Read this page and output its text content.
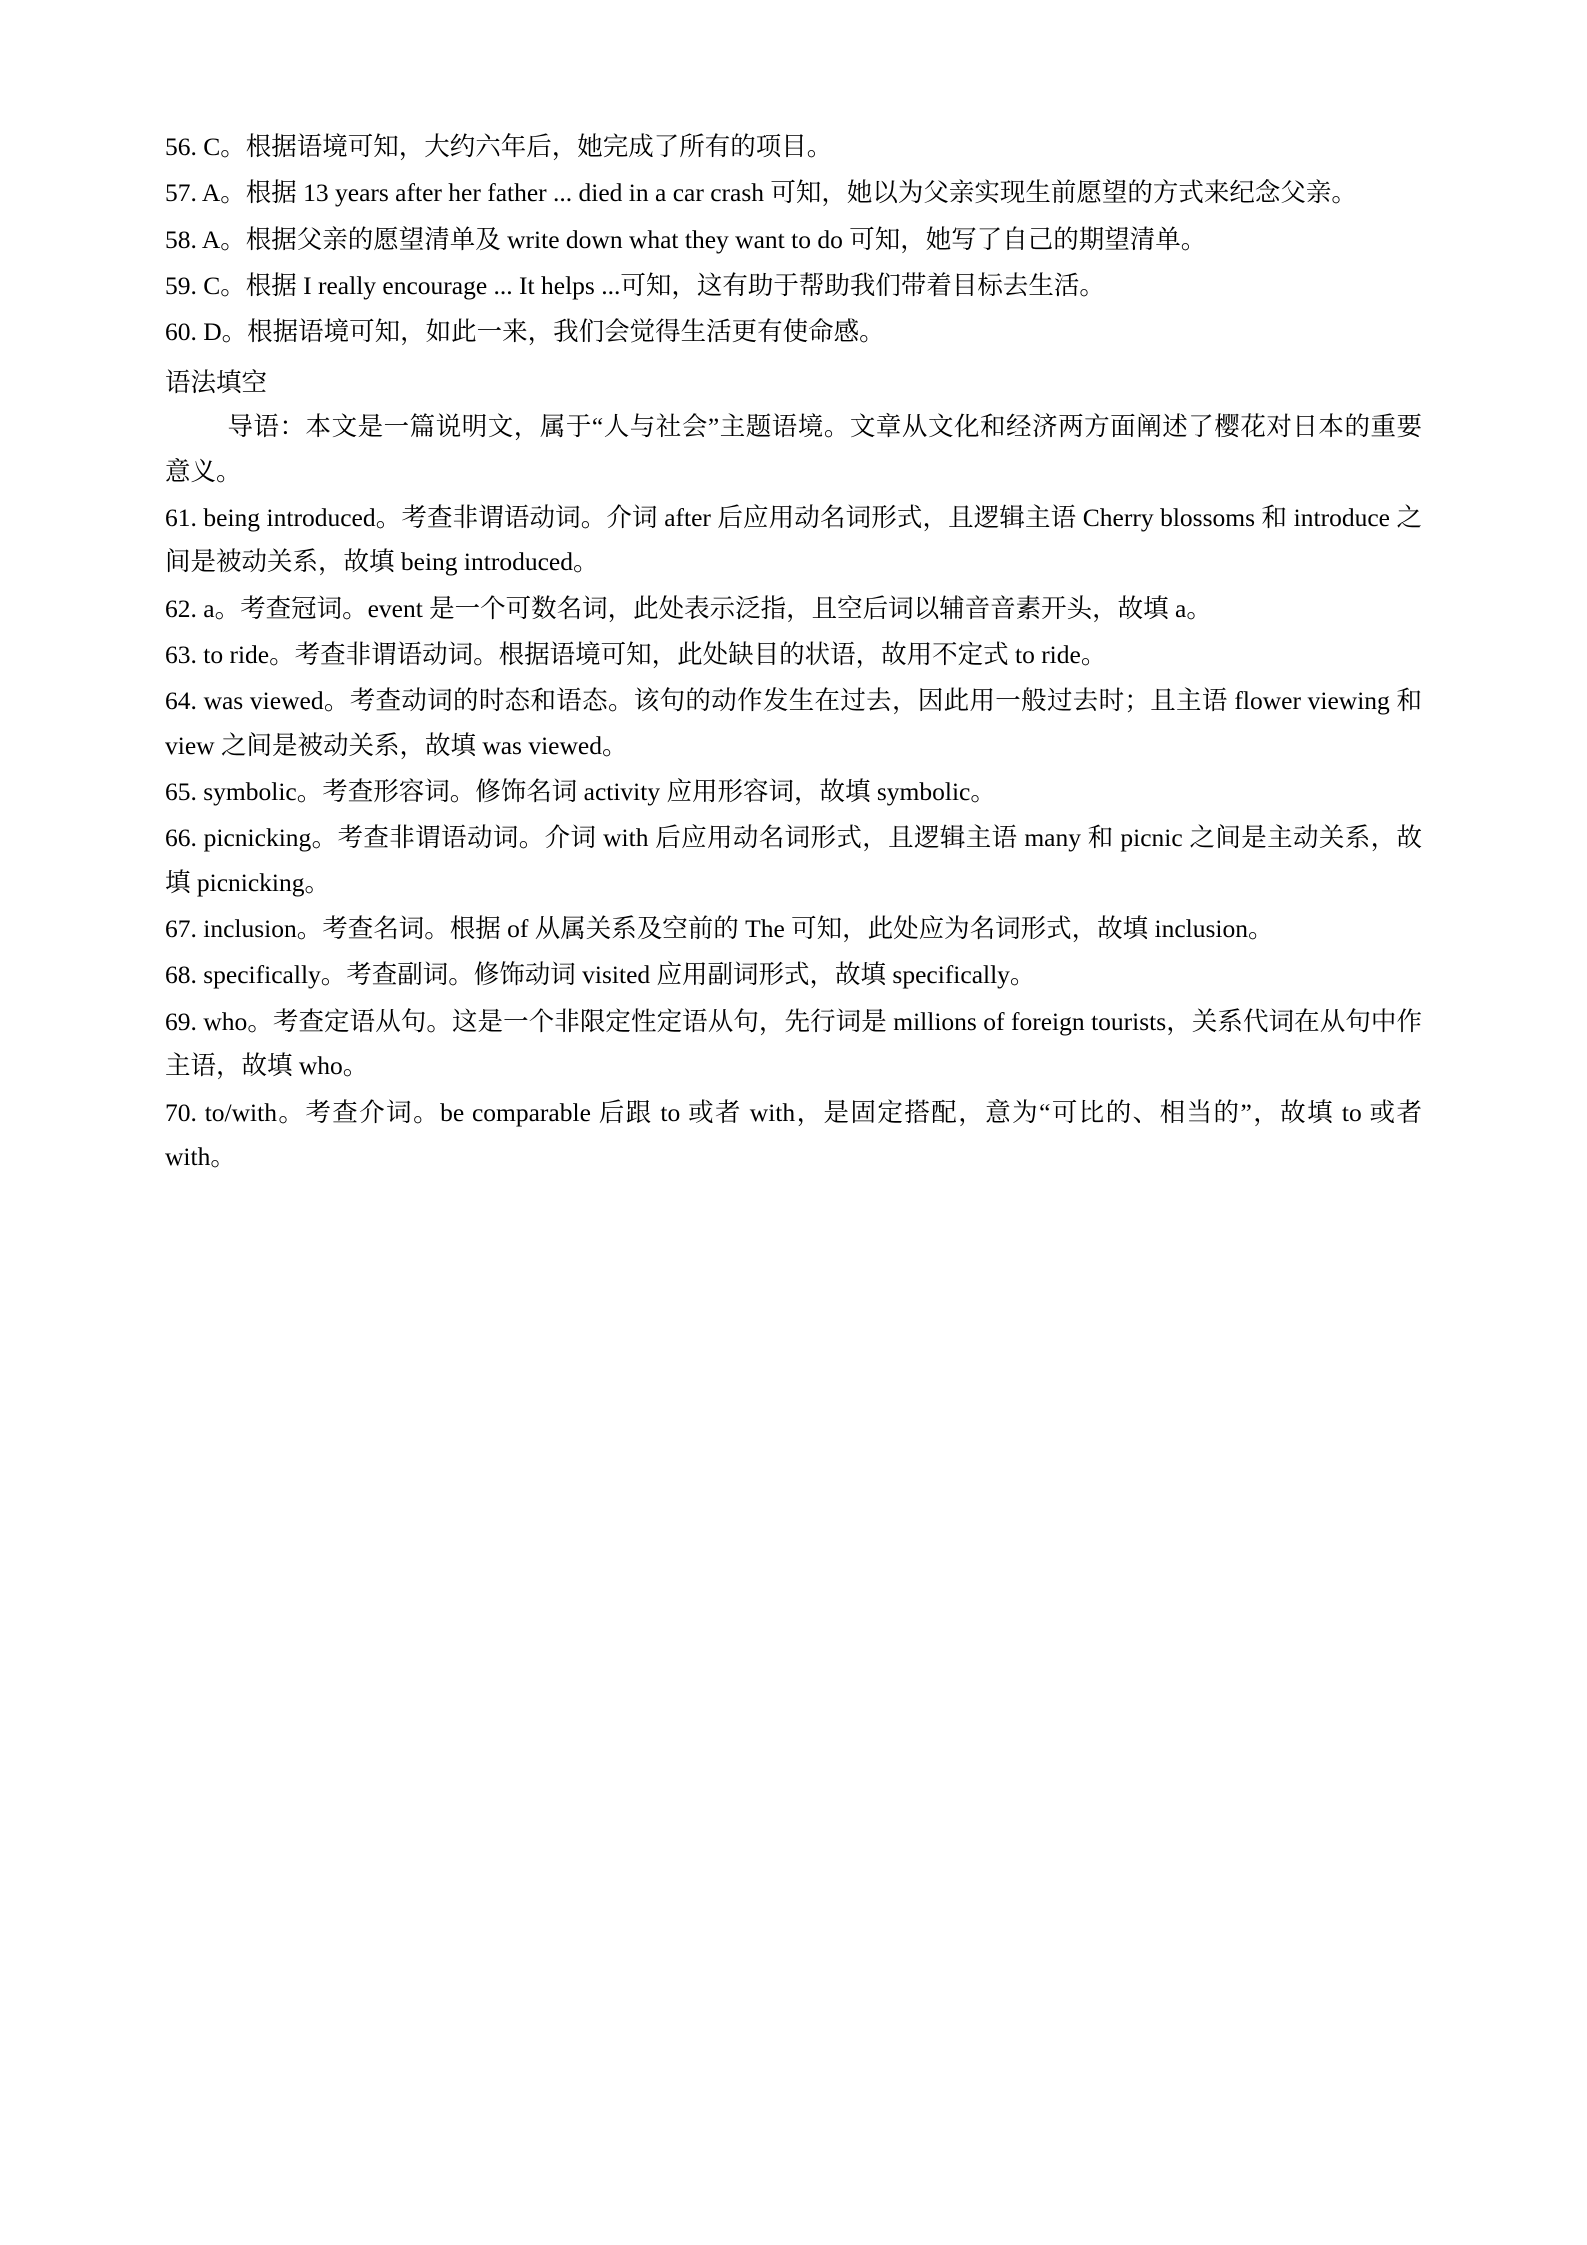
56. C。根据语境可知，大约六年后，她完成了所有的项目。

57. A。根据 13 years after her father ... died in a car crash 可知，她以为父亲实现生前愿望的方式来纪念父亲。

58. A。根据父亲的愿望清单及 write down what they want to do 可知，她写了自己的期望清单。

59. C。根据 I really encourage ... It helps ...可知，这有助于帮助我们带着目标去生活。

60. D。根据语境可知，如此一来，我们会觉得生活更有使命感。

语法填空

导语：本文是一篇说明文，属于“人与社会”主题语境。文章从文化和经济两方面阐述了樱花对日本的重要意义。

61. being introduced。考查非谓语动词。介词 after 后应用动名词形式，且逻辑主语 Cherry blossoms 和 introduce 之间是被动关系，故填 being introduced。

62. a。考查冠词。event 是一个可数名词，此处表示泛指，且空后词以辅音音素开头，故填 a。

63. to ride。考查非谓语动词。根据语境可知，此处缺目的状语，故用不定式 to ride。

64. was viewed。考查动词的时态和语态。该句的动作发生在过去，因此用一般过去时；且主语 flower viewing 和 view 之间是被动关系，故填 was viewed。

65. symbolic。考查形容词。修饰名词 activity 应用形容词，故填 symbolic。

66. picnicking。考查非谓语动词。介词 with 后应用动名词形式，且逻辑主语 many 和 picnic 之间是主动关系，故填 picnicking。

67. inclusion。考查名词。根据 of 从属关系及空前的 The 可知，此处应为名词形式，故填 inclusion。

68. specifically。考查副词。修饰动词 visited 应用副词形式，故填 specifically。

69. who。考查定语从句。这是一个非限定性定语从句，先行词是 millions of foreign tourists，关系代词在从句中作主语，故填 who。

70. to/with。考查介词。be comparable 后跟 to 或者 with，是固定搭配，意为“可比的、相当的”，故填 to 或者 with。
